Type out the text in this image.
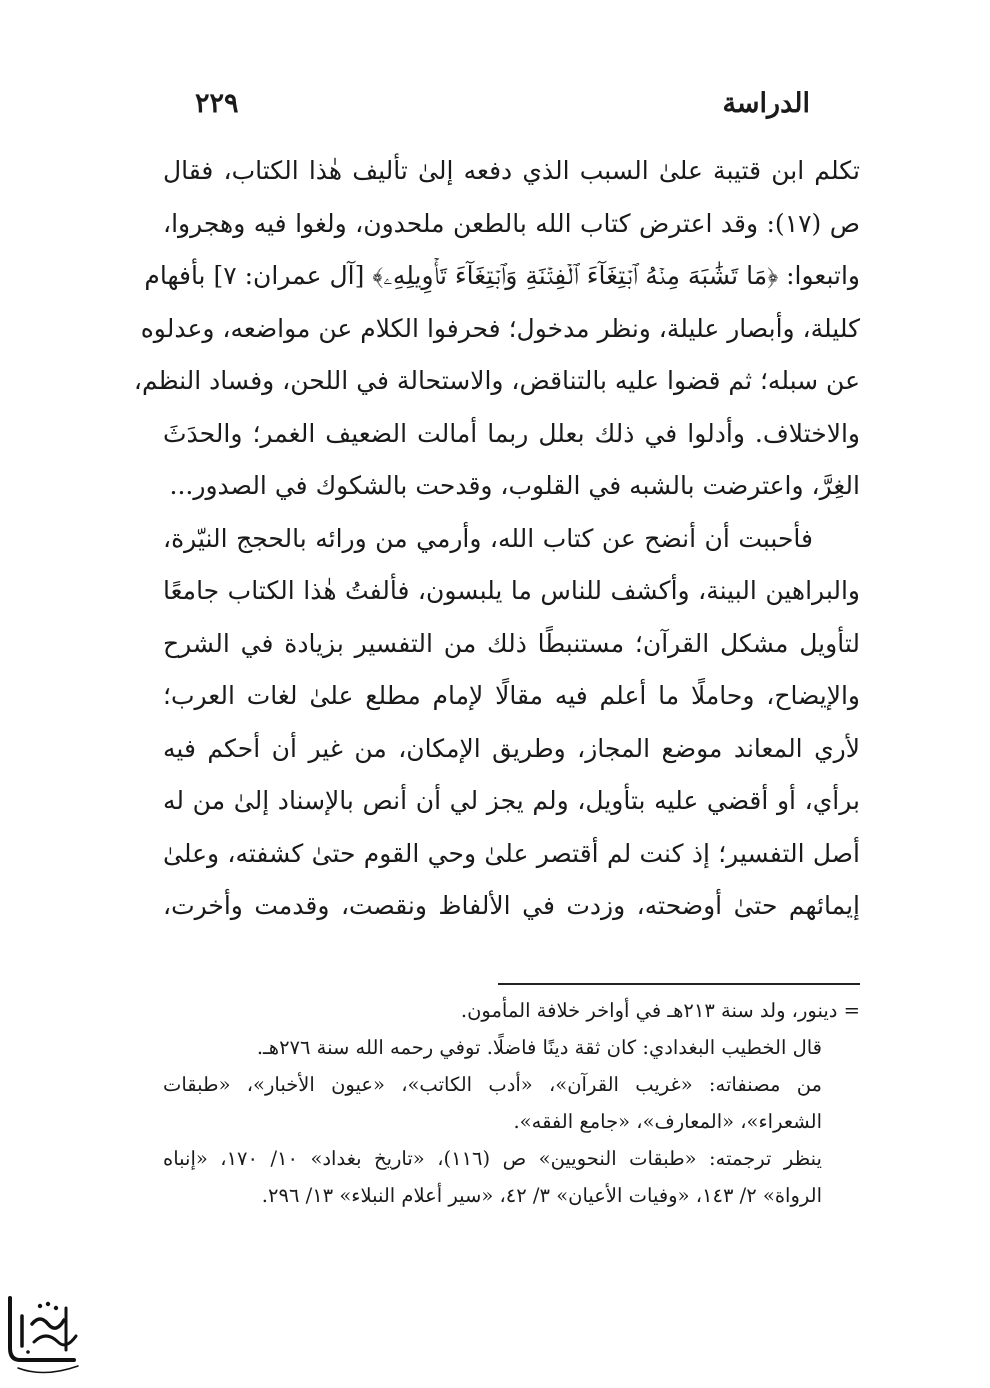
الدراسة
٢٢٩
تكلم ابن قتيبة علىٰ السبب الذي دفعه إلىٰ تأليف هٰذا الكتاب، فقال
ص (١٧): وقد اعترض كتاب الله بالطعن ملحدون، ولغوا فيه وهجروا،
واتبعوا: ﴿مَا تَشَٰبَهَ مِنۡهُ ٱبۡتِغَآءَ ٱلۡفِتۡنَةِ وَٱبۡتِغَآءَ تَأۡوِيلِهِۦ﴾ [آل عمران: ٧] بأفهام
كليلة، وأبصار عليلة، ونظر مدخول؛ فحرفوا الكلام عن مواضعه، وعدلوه
عن سبله؛ ثم قضوا عليه بالتناقض، والاستحالة في اللحن، وفساد النظم،
والاختلاف. وأدلوا في ذلك بعلل ربما أمالت الضعيف الغمر؛ والحدَثَ
الغِرَّ، واعترضت بالشبه في القلوب، وقدحت بالشكوك في الصدور...
فأحببت أن أنضح عن كتاب الله، وأرمي من ورائه بالحجج النيّرة،
والبراهين البينة، وأكشف للناس ما يلبسون، فألفتُ هٰذا الكتاب جامعًا
لتأويل مشكل القرآن؛ مستنبطًا ذلك من التفسير بزيادة في الشرح
والإيضاح، وحاملًا ما أعلم فيه مقالًا لإمام مطلع علىٰ لغات العرب؛
لأري المعاند موضع المجاز، وطريق الإمكان، من غير أن أحكم فيه
برأي، أو أقضي عليه بتأويل، ولم يجز لي أن أنص بالإسناد إلىٰ من له
أصل التفسير؛ إذ كنت لم أقتصر علىٰ وحي القوم حتىٰ كشفته، وعلىٰ
إيمائهم حتىٰ أوضحته، وزدت في الألفاظ ونقصت، وقدمت وأخرت،
= دينور، ولد سنة ٢١٣هـ في أواخر خلافة المأمون.
قال الخطيب البغدادي: كان ثقة دينًا فاضلًا. توفي رحمه الله سنة ٢٧٦هـ.
من مصنفاته: «غريب القرآن»، «أدب الكاتب»، «عيون الأخبار»، «طبقات
الشعراء»، «المعارف»، «جامع الفقه».
ينظر ترجمته: «طبقات النحويين» ص (١١٦)، «تاريخ بغداد» ١٠/ ١٧٠، «إنباه
الرواة» ٢/ ١٤٣، «وفيات الأعيان» ٣/ ٤٢، «سير أعلام النبلاء» ١٣/ ٢٩٦.
